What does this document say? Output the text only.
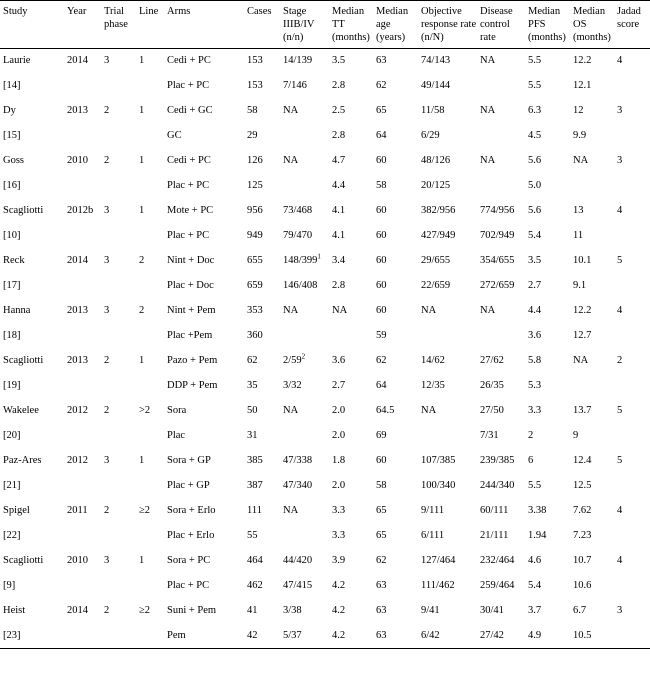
Study	Year	Trial phase	Line	Arms	Cases	Stage IIIB/IV (n/n)	Median TT (months)	Median age (years)	Objective response rate (n/N)	Disease control rate	Median PFS (months)	Median OS (months)	Jadad score
Laurie	2014	3	1	Cedi + PC	153	14/139	3.5	63	74/143	NA	5.5	12.2	4
[14]				Plac + PC	153	7/146	2.8	62	49/144		5.5	12.1	
Dy	2013	2	1	Cedi + GC	58	NA	2.5	65	11/58	NA	6.3	12	3
[15]				GC	29		2.8	64	6/29		4.5	9.9	
Goss	2010	2	1	Cedi + PC	126	NA	4.7	60	48/126	NA	5.6	NA	3
[16]				Plac + PC	125		4.4	58	20/125		5.0		
Scagliotti	2012b	3	1	Mote + PC	956	73/468	4.1	60	382/956	774/956	5.6	13	4
[10]				Plac + PC	949	79/470	4.1	60	427/949	702/949	5.4	11	
Reck	2014	3	2	Nint + Doc	655	$148/399^1$	3.4	60	29/655	354/655	3.5	10.1	5
[17]				Plac + Doc	659	146/408	2.8	60	22/659	272/659	2.7	9.1	
Hanna	2013	3	2	Nint + Pem	353	NA	NA	60	NA	NA	4.4	12.2	4
[18]				Plac +Pem	360			59			3.6	12.7	
Scagliotti	2013	2	1	Pazo + Pem	62	$2/59^2$	3.6	62	14/62	27/62	5.8	NA	2
[19]				DDP + Pem	35	3/32	2.7	64	12/35	26/35	5.3		
Wakelee	2012	2	>2	Sora	50	NA	2.0	64.5	NA	27/50	3.3	13.7	5
[20]				Plac	31		2.0	69		7/31	2	9	
Paz-Ares	2012	3	1	Sora + GP	385	47/338	1.8	60	107/385	239/385	6	12.4	5
[21]				Plac + GP	387	47/340	2.0	58	100/340	244/340	5.5	12.5	
Spigel	2011	2	≥2	Sora + Erlo	111	NA	3.3	65	9/111	60/111	3.38	7.62	4
[22]				Plac + Erlo	55		3.3	65	6/111	21/111	1.94	7.23	
Scagliotti	2010	3	1	Sora + PC	464	44/420	3.9	62	127/464	232/464	4.6	10.7	4
[9]				Plac + PC	462	47/415	4.2	63	111/462	259/464	5.4	10.6	
Heist	2014	2	≥2	Suni + Pem	41	3/38	4.2	63	9/41	30/41	3.7	6.7	3
[23]				Pem	42	5/37	4.2	63	6/42	27/42	4.9	10.5	
